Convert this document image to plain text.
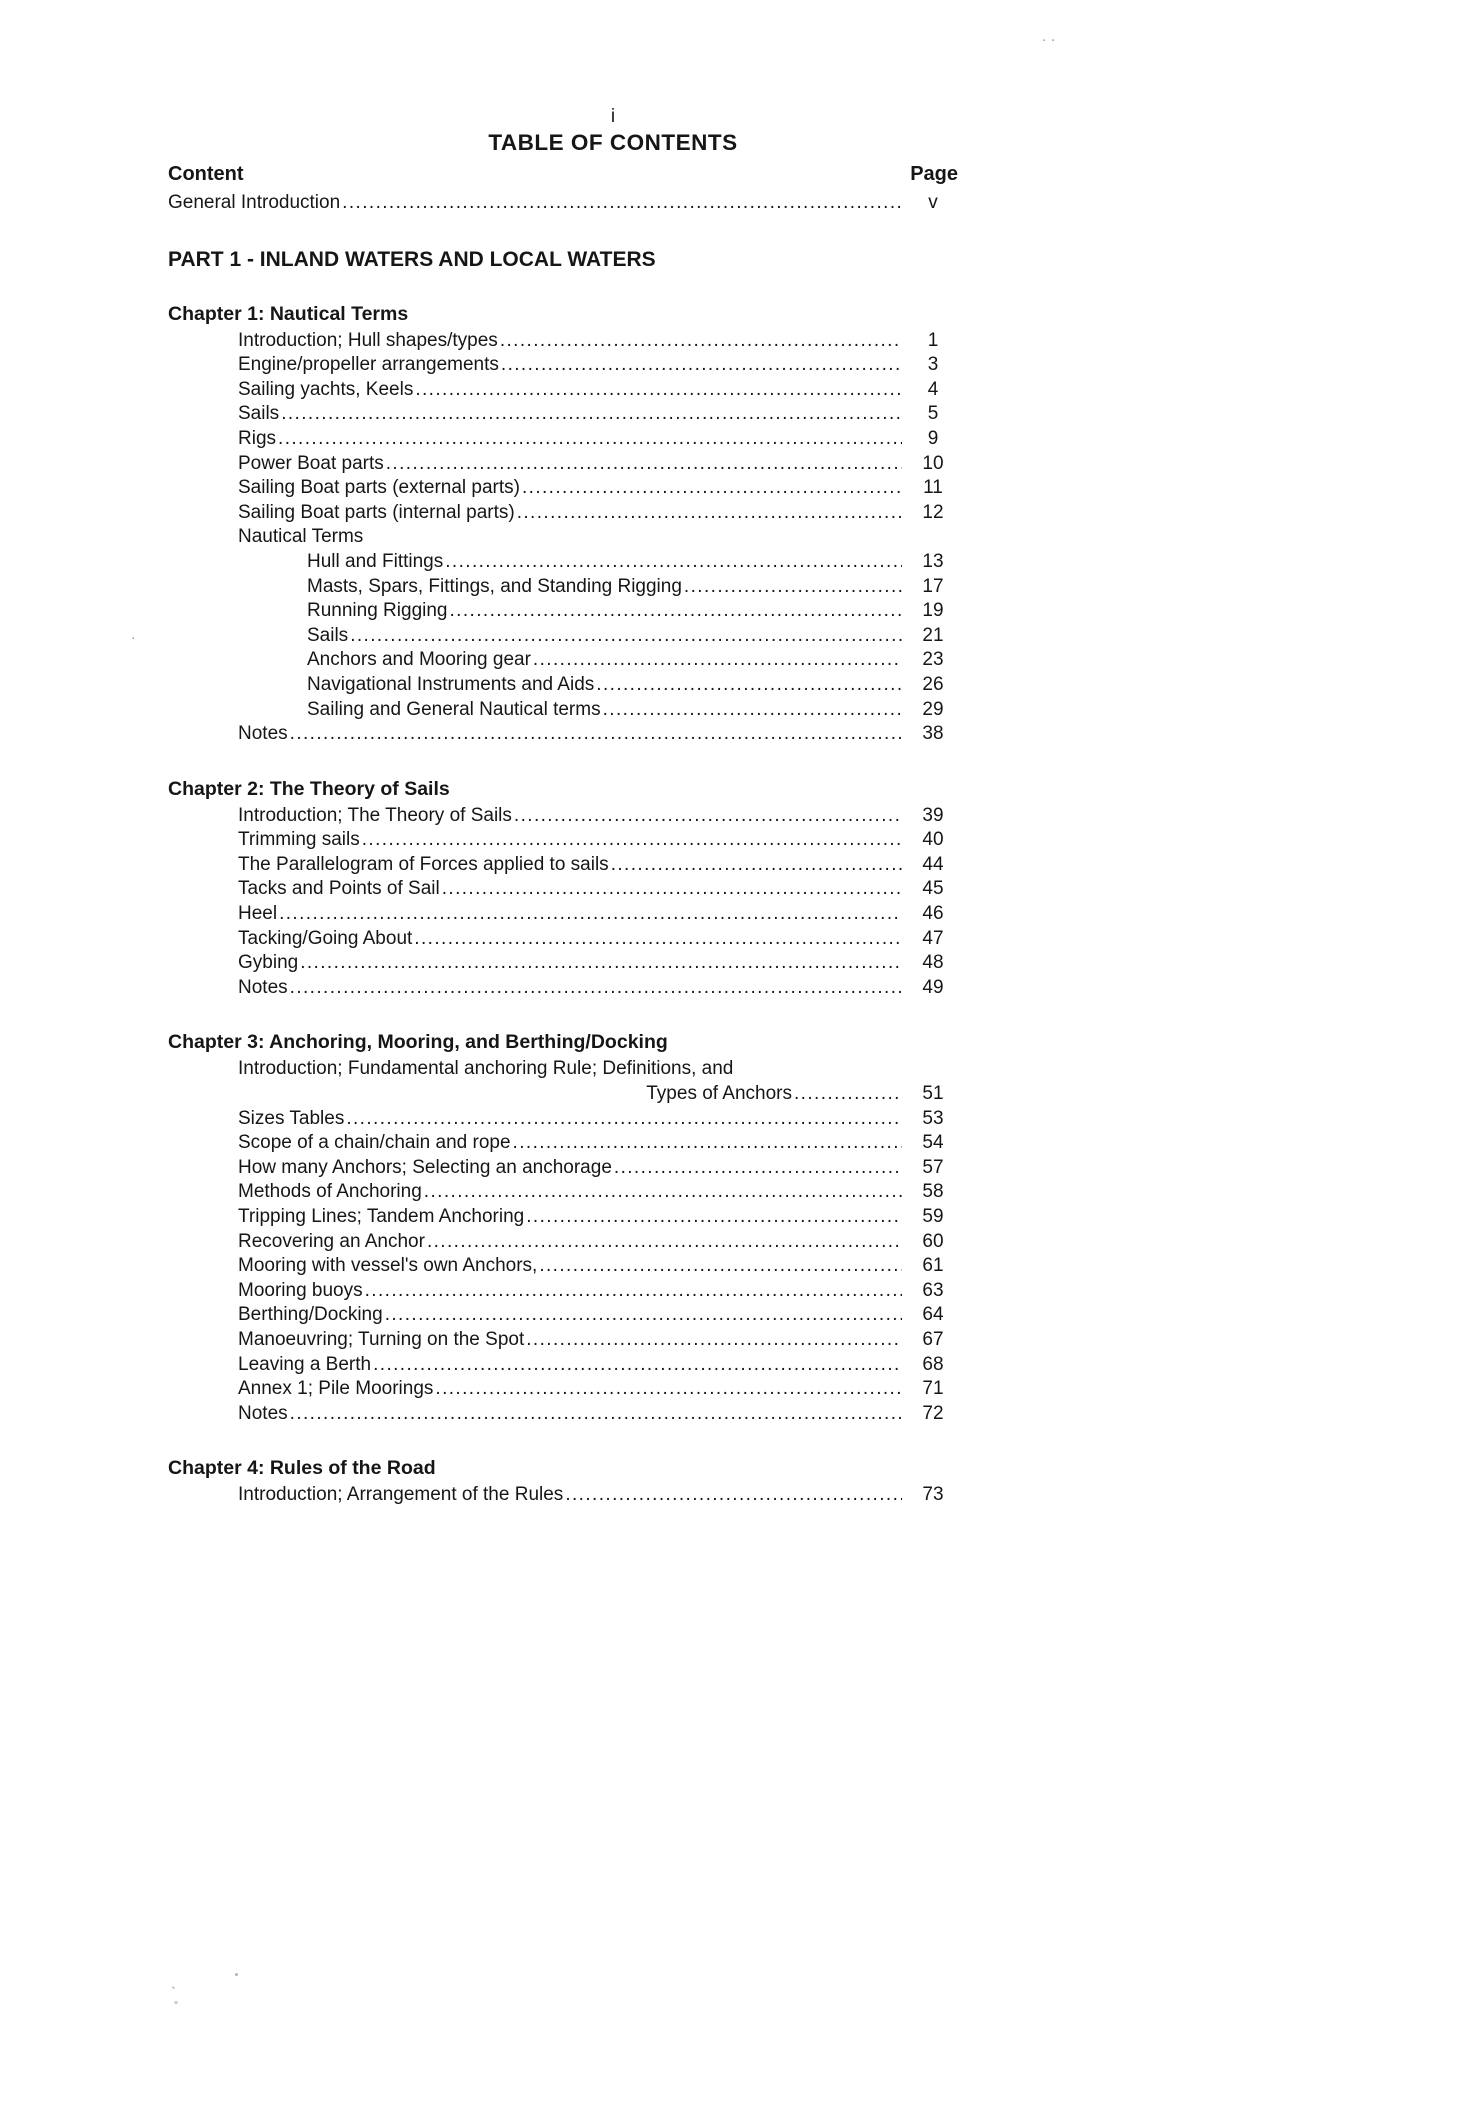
i
TABLE OF CONTENTS
Content	Page
General Introduction .....	v
PART 1 - INLAND WATERS AND LOCAL WATERS
Chapter 1: Nautical Terms
Introduction; Hull shapes/types .....	1
Engine/propeller arrangements .....	3
Sailing yachts, Keels .....	4
Sails .....	5
Rigs .....	9
Power Boat parts .....	10
Sailing Boat parts (external parts) .....	11
Sailing Boat parts (internal parts) .....	12
Nautical Terms
Hull and Fittings .....	13
Masts, Spars, Fittings, and Standing Rigging .....	17
Running Rigging .....	19
Sails .....	21
Anchors and Mooring gear .....	23
Navigational Instruments and Aids .....	26
Sailing and General Nautical terms .....	29
Notes .....	38
Chapter 2: The Theory of Sails
Introduction; The Theory of Sails .....	39
Trimming sails .....	40
The Parallelogram of Forces applied to sails .....	44
Tacks and Points of Sail .....	45
Heel .....	46
Tacking/Going About .....	47
Gybing .....	48
Notes .....	49
Chapter 3: Anchoring, Mooring, and Berthing/Docking
Introduction; Fundamental anchoring Rule; Definitions, and
Types of Anchors .....	51
Sizes Tables .....	53
Scope of a chain/chain and rope .....	54
How many Anchors; Selecting an anchorage .....	57
Methods of Anchoring .....	58
Tripping Lines; Tandem Anchoring .....	59
Recovering an Anchor .....	60
Mooring with vessel's own Anchors, .....	61
Mooring buoys .....	63
Berthing/Docking .....	64
Manoeuvring; Turning on the Spot .....	67
Leaving a Berth .....	68
Annex 1; Pile Moorings .....	71
Notes .....	72
Chapter 4: Rules of the Road
Introduction; Arrangement of the Rules .....	73
. .
.
